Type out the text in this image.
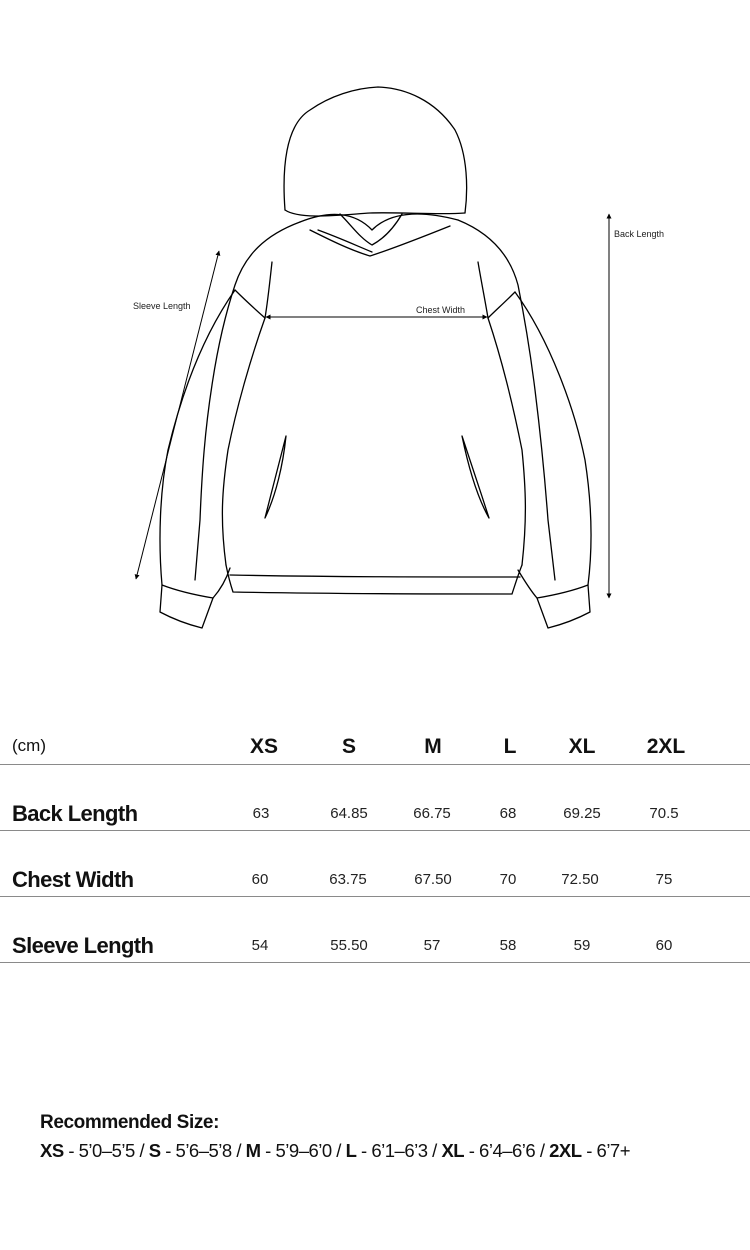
Back Length
Sleeve Length	Chest Width
(cm)	XS	S	M	L XL 2XL
Back Length	63	64.85	66.75	68	69.25	70.5
Chest Width	60	63.75	67.50	70	72.50	75
Sleeve Length	54	55.50	57	58	59	60
Recommended Size:
XS - 5’0–5’5 / S - 5’6–5’8 / M - 5’9–6’0 / L - 6’1–6’3 / XL - 6’4–6’6 / 2XL - 6’7+
